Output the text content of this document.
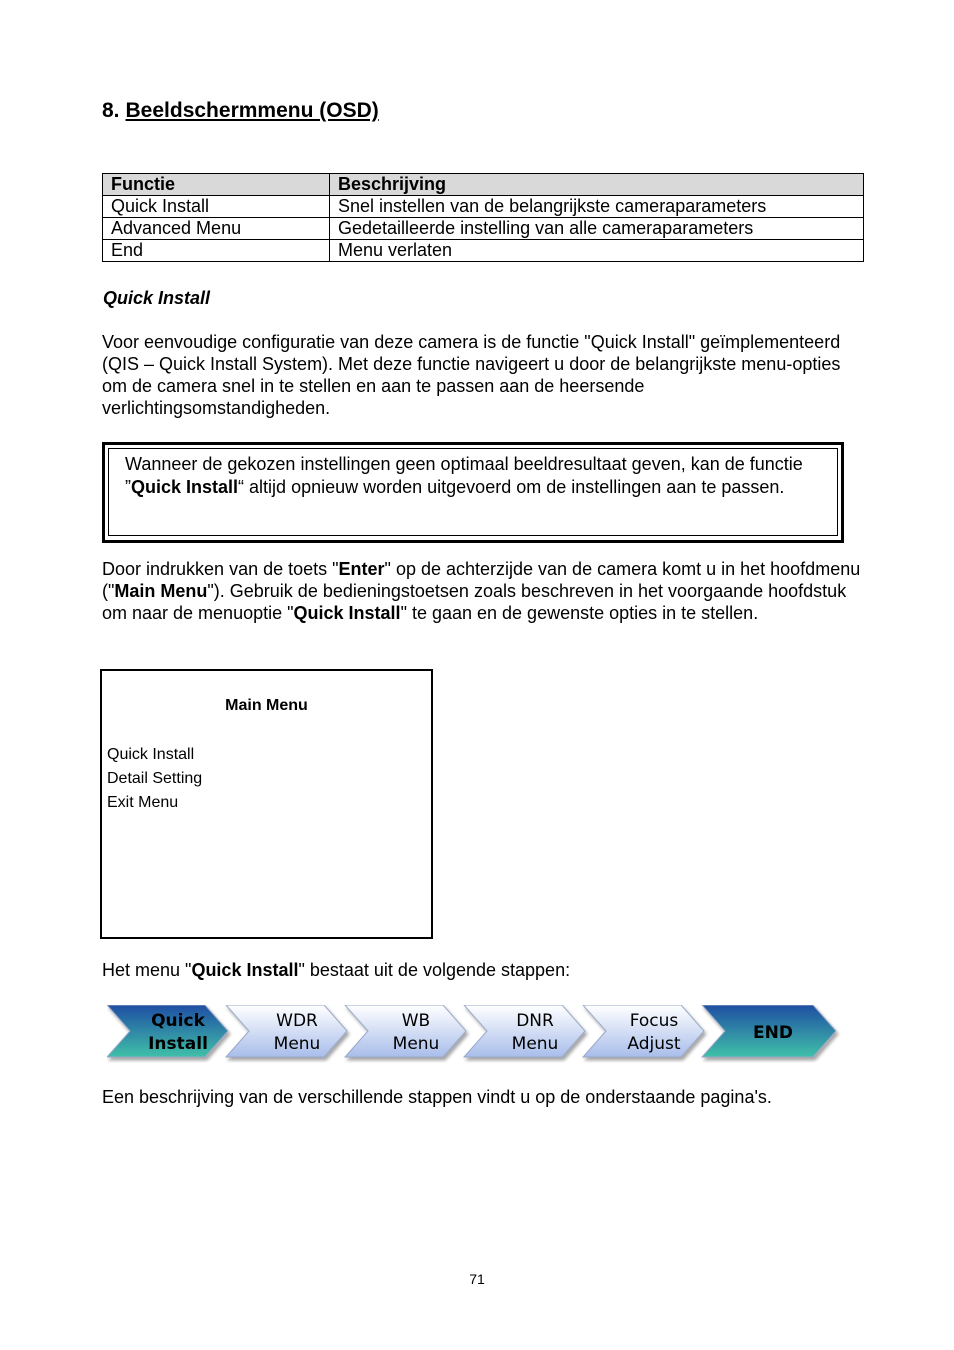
8. Beeldschermmenu (OSD)
Functie	Beschrijving
Quick Install	Snel instellen van de belangrijkste cameraparameters
Advanced Menu	Gedetailleerde instelling van alle cameraparameters
End	Menu verlaten
Quick Install
Voor eenvoudige configuratie van deze camera is de functie "Quick Install" geïmplementeerd (QIS – Quick Install System). Met deze functie navigeert u door de belangrijkste menu-opties om de camera snel in te stellen en aan te passen aan de heersende verlichtingsomstandigheden.
Wanneer de gekozen instellingen geen optimaal beeldresultaat geven, kan de functie ”Quick Install“ altijd opnieuw worden uitgevoerd om de instellingen aan te passen.
Door indrukken van de toets "Enter" op de achterzijde van de camera komt u in het hoofdmenu ("Main Menu"). Gebruik de bedieningstoetsen zoals beschreven in het voorgaande hoofdstuk om naar de menuoptie "Quick Install" te gaan en de gewenste opties in te stellen.
Main Menu
Quick Install
Detail Setting
Exit Menu
Het menu "Quick Install" bestaat uit de volgende stappen:
Quick
Install
WDR
Menu
WB
Menu
DNR
Menu
Focus
Adjust
END
Een beschrijving van de verschillende stappen vindt u op de onderstaande pagina's.
71
